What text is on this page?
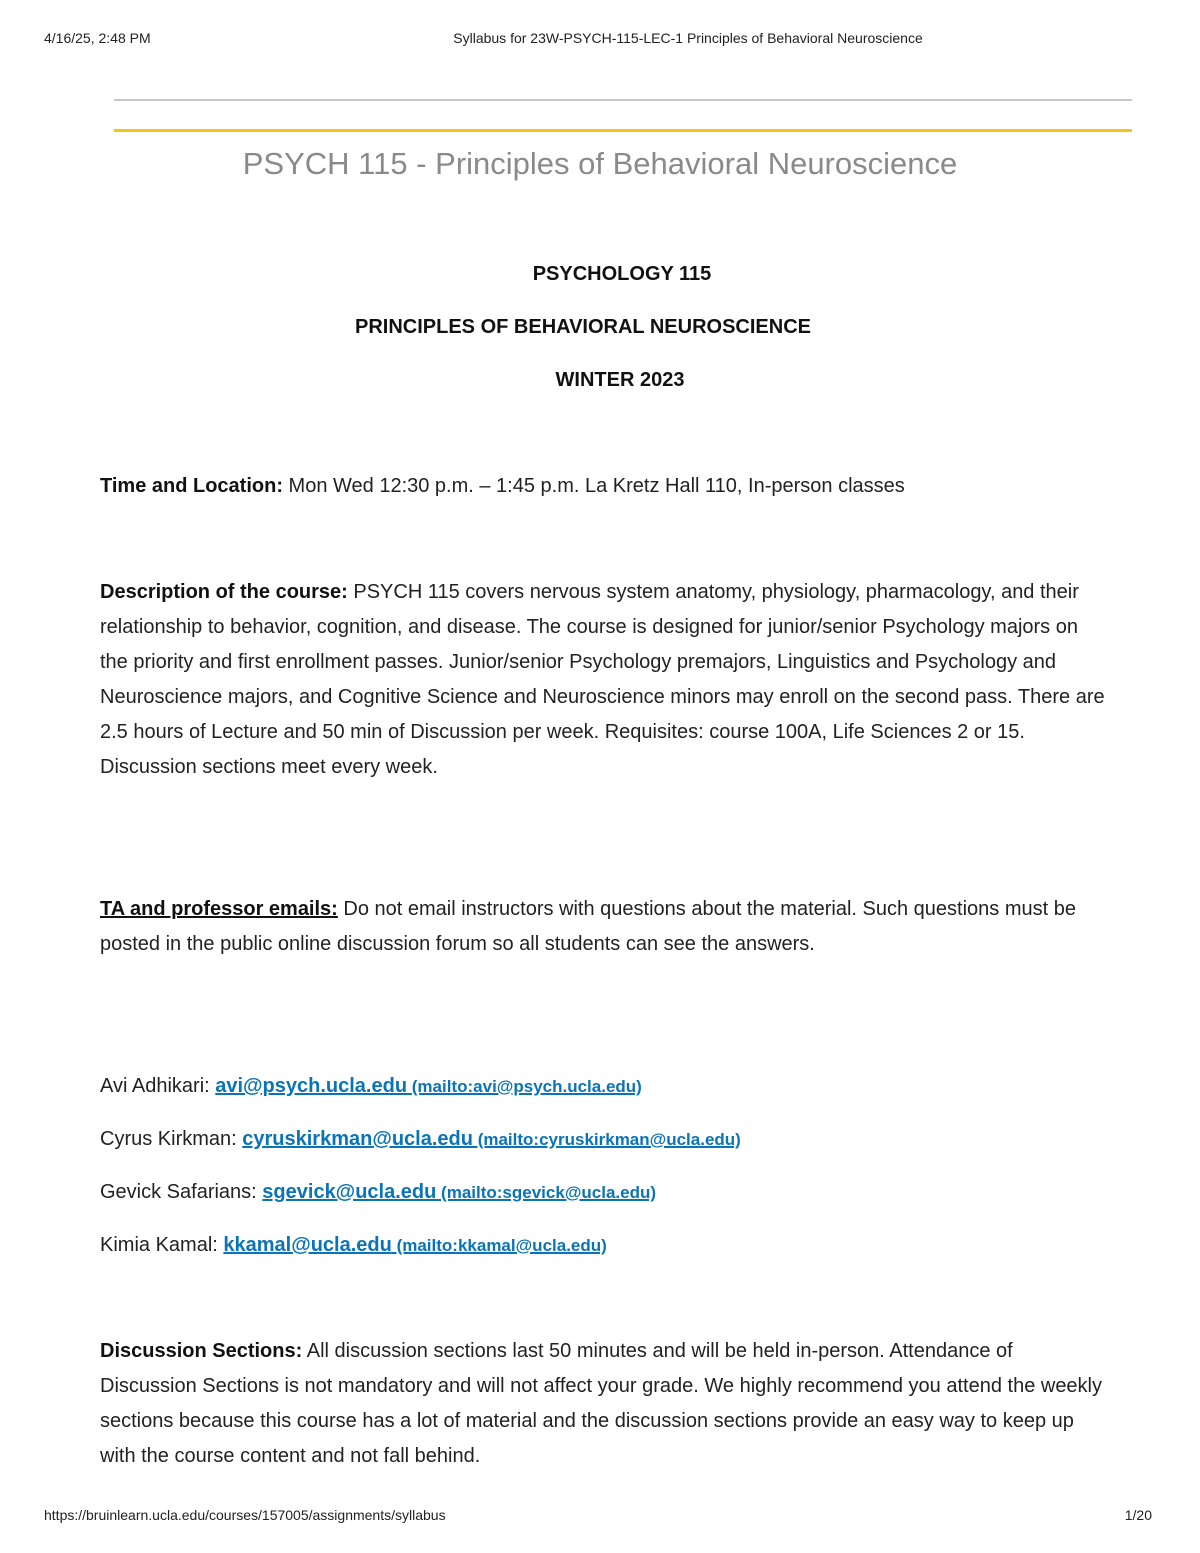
4/16/25, 2:48 PM	Syllabus for 23W-PSYCH-115-LEC-1 Principles of Behavioral Neuroscience
PSYCH 115 - Principles of Behavioral Neuroscience
PSYCHOLOGY 115
PRINCIPLES OF BEHAVIORAL NEUROSCIENCE
WINTER 2023

Time and Location: Mon Wed 12:30 p.m. – 1:45 p.m. La Kretz Hall 110, In-person classes

Description of the course: PSYCH 115 covers nervous system anatomy, physiology, pharmacology, and their relationship to behavior, cognition, and disease. The course is designed for junior/senior Psychology majors on the priority and first enrollment passes. Junior/senior Psychology premajors, Linguistics and Psychology and Neuroscience majors, and Cognitive Science and Neuroscience minors may enroll on the second pass. There are 2.5 hours of Lecture and 50 min of Discussion per week. Requisites: course 100A, Life Sciences 2 or 15. Discussion sections meet every week.

TA and professor emails: Do not email instructors with questions about the material. Such questions must be posted in the public online discussion forum so all students can see the answers.

Avi Adhikari: avi@psych.ucla.edu (mailto:avi@psych.ucla.edu)
Cyrus Kirkman: cyruskirkman@ucla.edu (mailto:cyruskirkman@ucla.edu)
Gevick Safarians: sgevick@ucla.edu (mailto:sgevick@ucla.edu)
Kimia Kamal: kkamal@ucla.edu (mailto:kkamal@ucla.edu)

Discussion Sections: All discussion sections last 50 minutes and will be held in-person. Attendance of Discussion Sections is not mandatory and will not affect your grade. We highly recommend you attend the weekly sections because this course has a lot of material and the discussion sections provide an easy way to keep up with the course content and not fall behind.

https://bruinlearn.ucla.edu/courses/157005/assignments/syllabus	1/20
